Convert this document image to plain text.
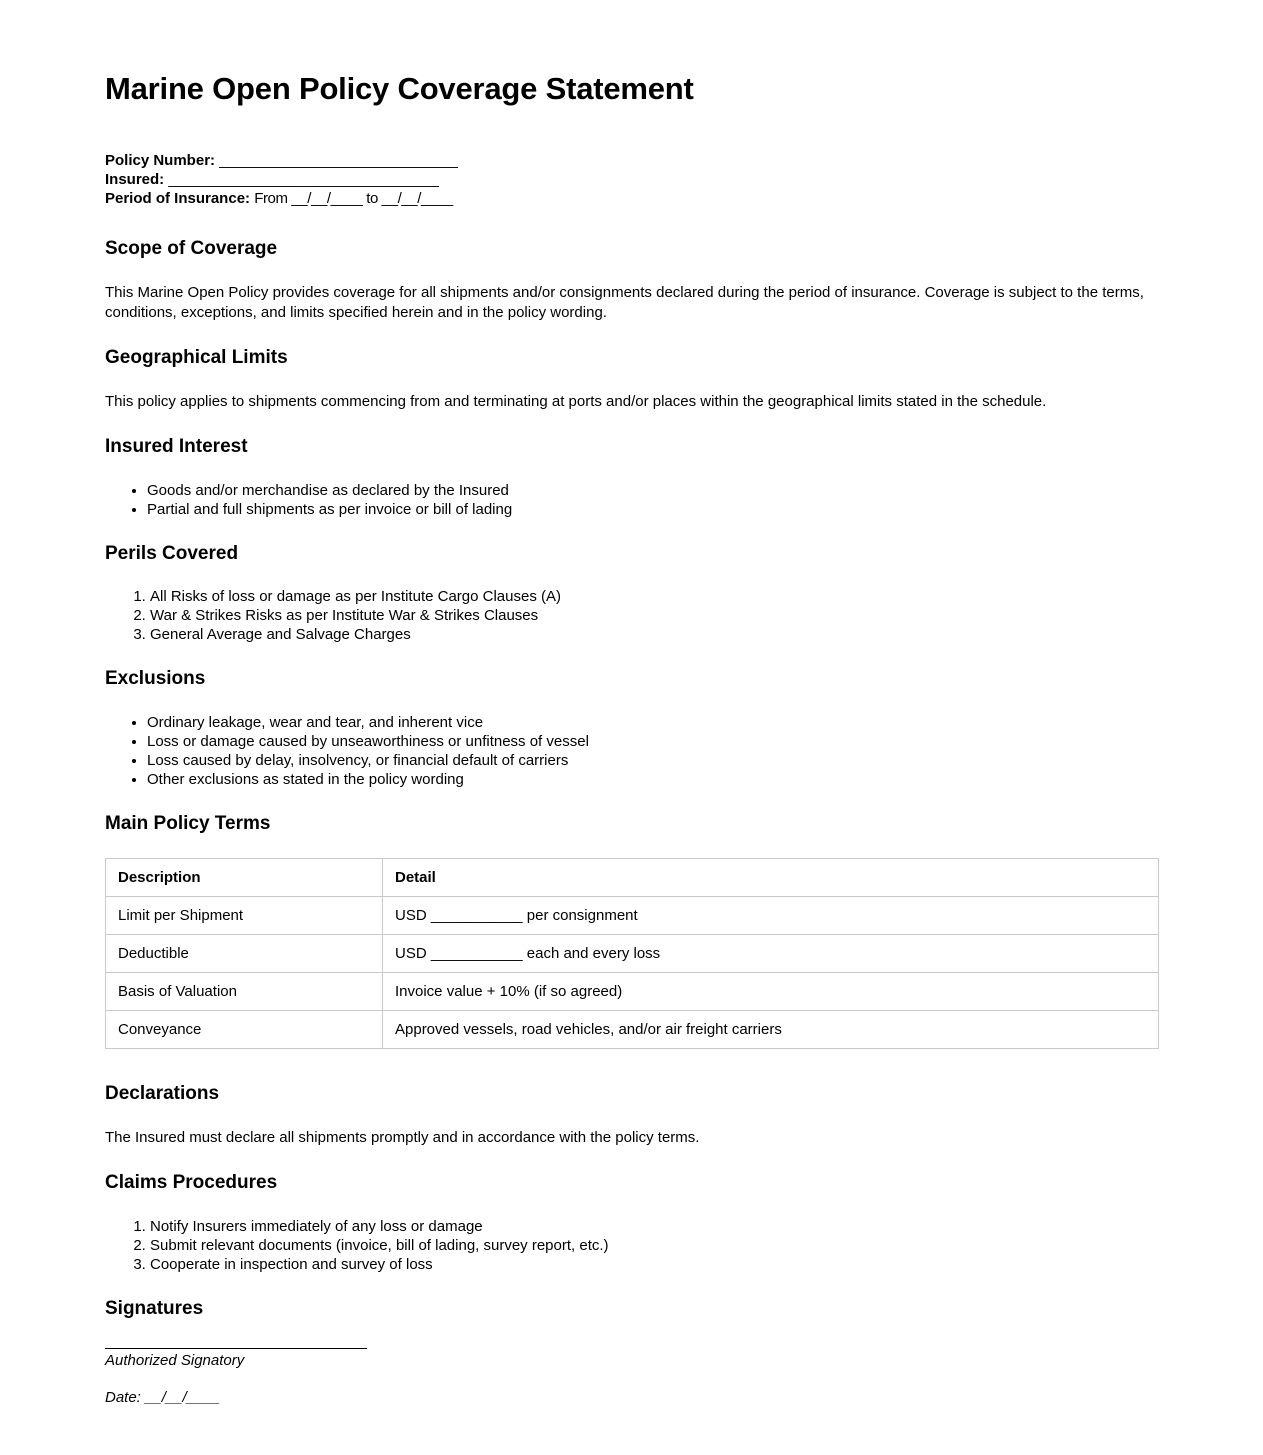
Marine Open Policy Coverage Statement
Policy Number: ______________________________
Insured: __________________________________
Period of Insurance: From __/__/____ to __/__/____
Scope of Coverage

This Marine Open Policy provides coverage for all shipments and/or consignments declared during the period of insurance. Coverage is subject to the terms, conditions, exceptions, and limits specified herein and in the policy wording.

Geographical Limits

This policy applies to shipments commencing from and terminating at ports and/or places within the geographical limits stated in the schedule.

Insured Interest
• Goods and/or merchandise as declared by the Insured
• Partial and full shipments as per invoice or bill of lading
Perils Covered
1. All Risks of loss or damage as per Institute Cargo Clauses (A)
2. War & Strikes Risks as per Institute War & Strikes Clauses
3. General Average and Salvage Charges
Exclusions
• Ordinary leakage, wear and tear, and inherent vice
• Loss or damage caused by unseaworthiness or unfitness of vessel
• Loss caused by delay, insolvency, or financial default of carriers
• Other exclusions as stated in the policy wording
Main Policy Terms
Description	Detail
Limit per Shipment	USD ___________ per consignment
Deductible	USD ___________ each and every loss
Basis of Valuation	Invoice value + 10% (if so agreed)
Conveyance	Approved vessels, road vehicles, and/or air freight carriers
Declarations

The Insured must declare all shipments promptly and in accordance with the policy terms.

Claims Procedures
1. Notify Insurers immediately of any loss or damage
2. Submit relevant documents (invoice, bill of lading, survey report, etc.)
3. Cooperate in inspection and survey of loss
Signatures
Authorized Signatory
Date: __/__/____
